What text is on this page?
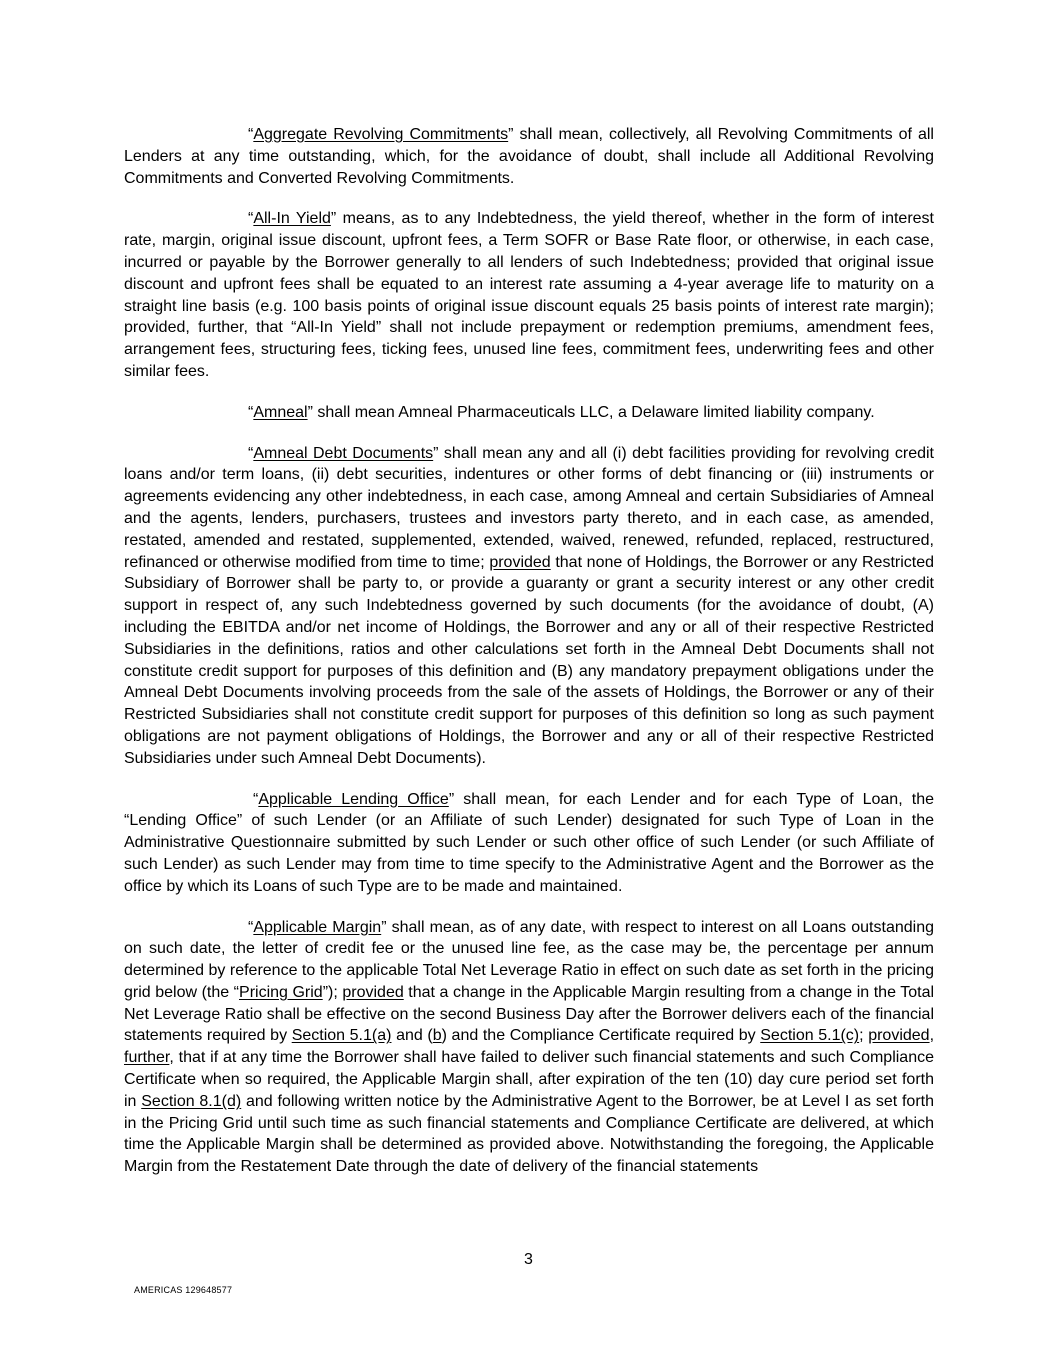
“Aggregate Revolving Commitments” shall mean, collectively, all Revolving Commitments of all Lenders at any time outstanding, which, for the avoidance of doubt, shall include all Additional Revolving Commitments and Converted Revolving Commitments.

“All-In Yield” means, as to any Indebtedness, the yield thereof, whether in the form of interest rate, margin, original issue discount, upfront fees, a Term SOFR or Base Rate floor, or otherwise, in each case, incurred or payable by the Borrower generally to all lenders of such Indebtedness; provided that original issue discount and upfront fees shall be equated to an interest rate assuming a 4-year average life to maturity on a straight line basis (e.g. 100 basis points of original issue discount equals 25 basis points of interest rate margin); provided, further, that “All-In Yield” shall not include prepayment or redemption premiums, amendment fees, arrangement fees, structuring fees, ticking fees, unused line fees, commitment fees, underwriting fees and other similar fees.

“Amneal” shall mean Amneal Pharmaceuticals LLC, a Delaware limited liability company.

“Amneal Debt Documents” shall mean any and all (i) debt facilities providing for revolving credit loans and/or term loans, (ii) debt securities, indentures or other forms of debt financing or (iii) instruments or agreements evidencing any other indebtedness, in each case, among Amneal and certain Subsidiaries of Amneal and the agents, lenders, purchasers, trustees and investors party thereto, and in each case, as amended, restated, amended and restated, supplemented, extended, waived, renewed, refunded, replaced, restructured, refinanced or otherwise modified from time to time; provided that none of Holdings, the Borrower or any Restricted Subsidiary of Borrower shall be party to, or provide a guaranty or grant a security interest or any other credit support in respect of, any such Indebtedness governed by such documents (for the avoidance of doubt, (A) including the EBITDA and/or net income of Holdings, the Borrower and any or all of their respective Restricted Subsidiaries in the definitions, ratios and other calculations set forth in the Amneal Debt Documents shall not constitute credit support for purposes of this definition and (B) any mandatory prepayment obligations under the Amneal Debt Documents involving proceeds from the sale of the assets of Holdings, the Borrower or any of their Restricted Subsidiaries shall not constitute credit support for purposes of this definition so long as such payment obligations are not payment obligations of Holdings, the Borrower and any or all of their respective Restricted Subsidiaries under such Amneal Debt Documents).

“Applicable Lending Office” shall mean, for each Lender and for each Type of Loan, the “Lending Office” of such Lender (or an Affiliate of such Lender) designated for such Type of Loan in the Administrative Questionnaire submitted by such Lender or such other office of such Lender (or such Affiliate of such Lender) as such Lender may from time to time specify to the Administrative Agent and the Borrower as the office by which its Loans of such Type are to be made and maintained.

“Applicable Margin” shall mean, as of any date, with respect to interest on all Loans outstanding on such date, the letter of credit fee or the unused line fee, as the case may be, the percentage per annum determined by reference to the applicable Total Net Leverage Ratio in effect on such date as set forth in the pricing grid below (the “Pricing Grid”); provided that a change in the Applicable Margin resulting from a change in the Total Net Leverage Ratio shall be effective on the second Business Day after the Borrower delivers each of the financial statements required by Section 5.1(a) and (b) and the Compliance Certificate required by Section 5.1(c); provided, further, that if at any time the Borrower shall have failed to deliver such financial statements and such Compliance Certificate when so required, the Applicable Margin shall, after expiration of the ten (10) day cure period set forth in Section 8.1(d) and following written notice by the Administrative Agent to the Borrower, be at Level I as set forth in the Pricing Grid until such time as such financial statements and Compliance Certificate are delivered, at which time the Applicable Margin shall be determined as provided above. Notwithstanding the foregoing, the Applicable Margin from the Restatement Date through the date of delivery of the financial statements

3
AMERICAS 129648577
